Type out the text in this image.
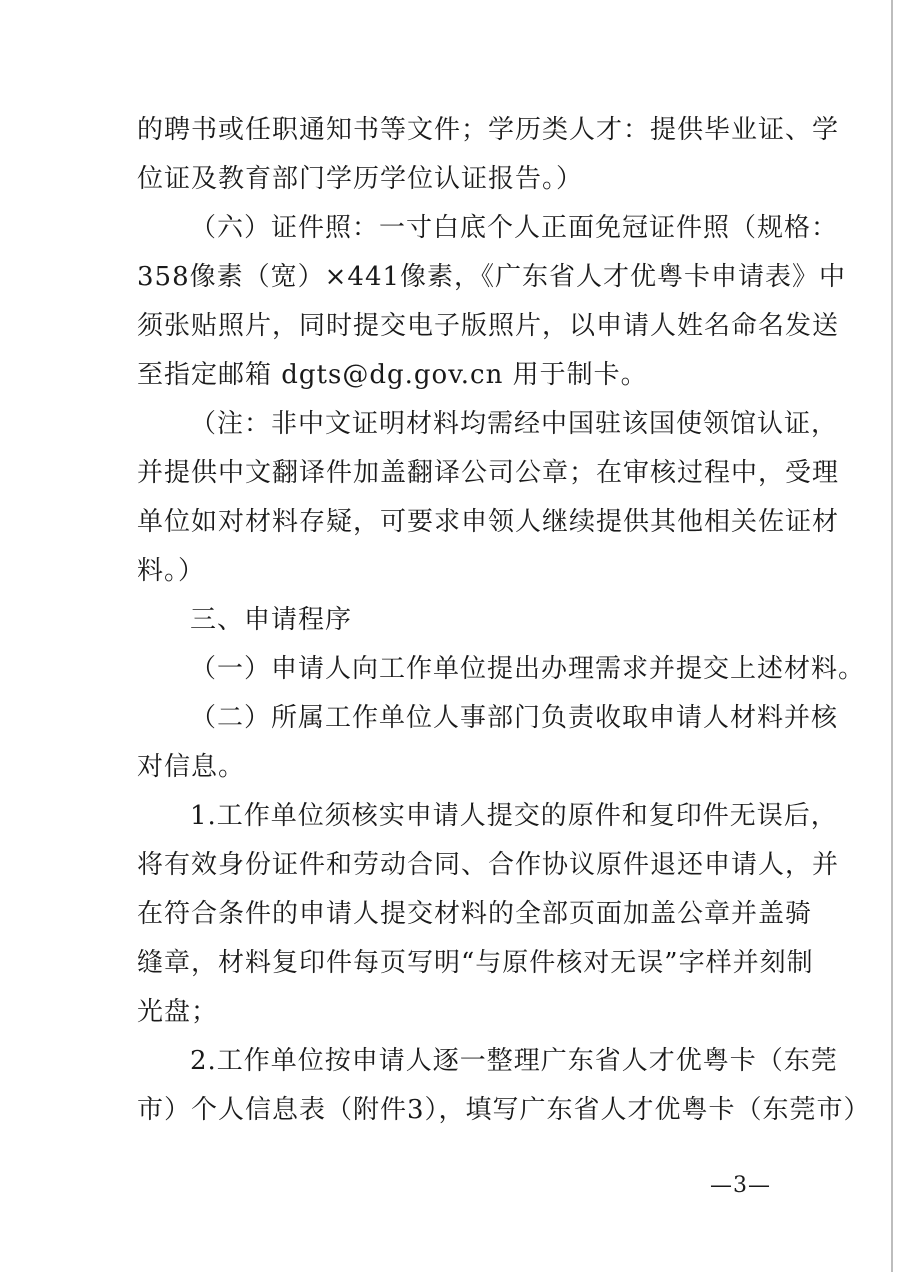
的聘书或任职通知书等文件；学历类人才：提供毕业证、学
位证及教育部门学历学位认证报告。）
（六）证件照：一寸白底个人正面免冠证件照（规格：
358像素（宽）×441像素，《广东省人才优粤卡申请表》中
须张贴照片，同时提交电子版照片，以申请人姓名命名发送
至指定邮箱 dgts@dg.gov.cn 用于制卡。
（注：非中文证明材料均需经中国驻该国使领馆认证，
并提供中文翻译件加盖翻译公司公章；在审核过程中，受理
单位如对材料存疑，可要求申领人继续提供其他相关佐证材
料。）
三、申请程序
（一）申请人向工作单位提出办理需求并提交上述材料。
（二）所属工作单位人事部门负责收取申请人材料并核
对信息。
1.工作单位须核实申请人提交的原件和复印件无误后，
将有效身份证件和劳动合同、合作协议原件退还申请人，并
在符合条件的申请人提交材料的全部页面加盖公章并盖骑
缝章，材料复印件每页写明“与原件核对无误”字样并刻制
光盘；
2.工作单位按申请人逐一整理广东省人才优粤卡（东莞
市）个人信息表（附件3），填写广东省人才优粤卡（东莞市）
—3—
